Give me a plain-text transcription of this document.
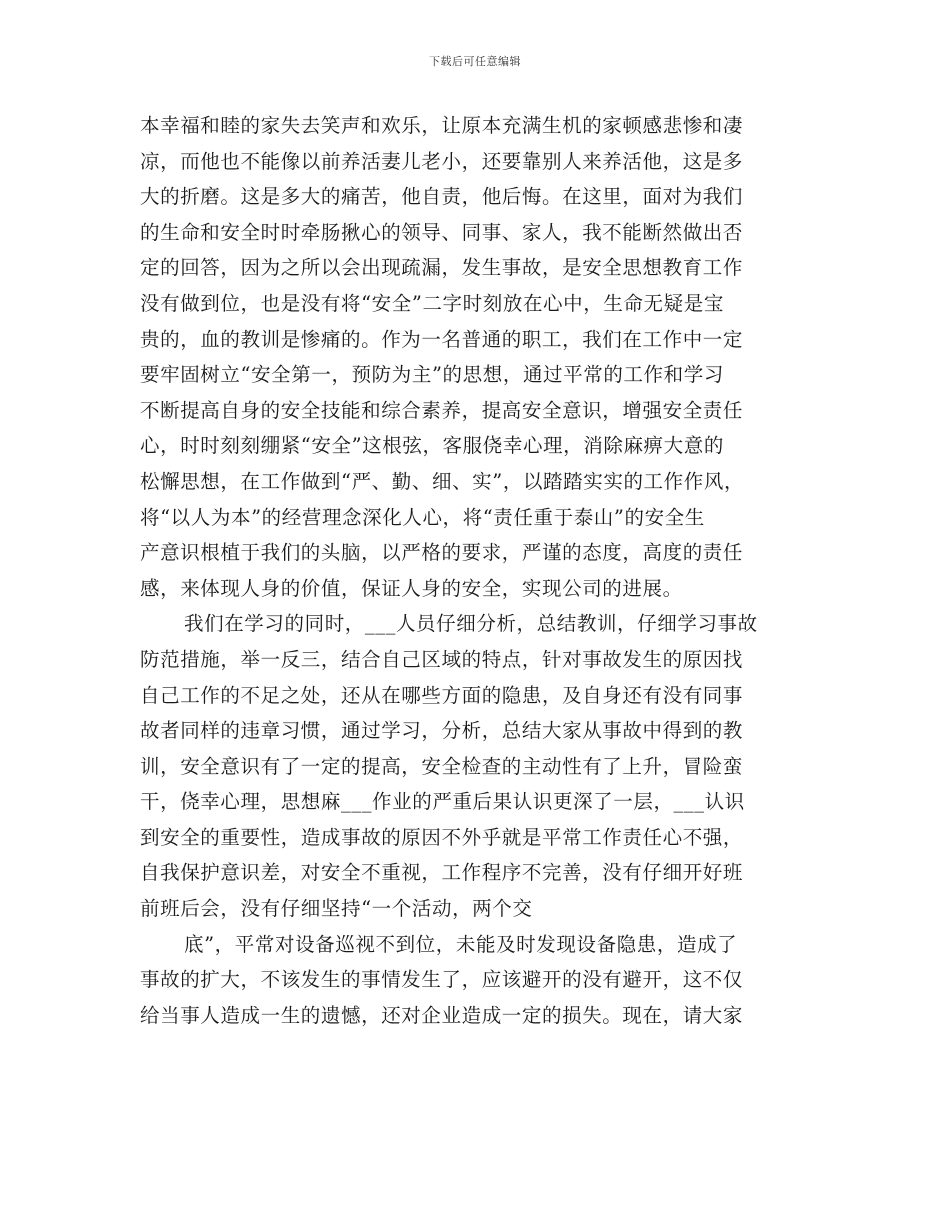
下载后可任意编辑
本幸福和睦的家失去笑声和欢乐，让原本充满生机的家顿感悲惨和凄
凉，而他也不能像以前养活妻儿老小，还要靠别人来养活他，这是多
大的折磨。这是多大的痛苦，他自责，他后悔。在这里，面对为我们
的生命和安全时时牵肠揪心的领导、同事、家人，我不能断然做出否
定的回答，因为之所以会出现疏漏，发生事故，是安全思想教育工作
没有做到位，也是没有将“安全”二字时刻放在心中，生命无疑是宝
贵的，血的教训是惨痛的。作为一名普通的职工，我们在工作中一定
要牢固树立“安全第一，预防为主”的思想，通过平常的工作和学习
不断提高自身的安全技能和综合素养，提高安全意识，增强安全责任
心，时时刻刻绷紧“安全”这根弦，客服侥幸心理，消除麻痹大意的
松懈思想，在工作做到“严、勤、细、实”，以踏踏实实的工作作风，
将“以人为本”的经营理念深化人心，将“责任重于泰山”的安全生
产意识根植于我们的头脑，以严格的要求，严谨的态度，高度的责任
感，来体现人身的价值，保证人身的安全，实现公司的进展。
我们在学习的同时，___人员仔细分析，总结教训，仔细学习事故
防范措施，举一反三，结合自己区域的特点，针对事故发生的原因找
自己工作的不足之处，还从在哪些方面的隐患，及自身还有没有同事
故者同样的违章习惯，通过学习，分析，总结大家从事故中得到的教
训，安全意识有了一定的提高，安全检查的主动性有了上升，冒险蛮
干，侥幸心理，思想麻___作业的严重后果认识更深了一层，___认识
到安全的重要性，造成事故的原因不外乎就是平常工作责任心不强，
自我保护意识差，对安全不重视，工作程序不完善，没有仔细开好班
前班后会，没有仔细坚持“一个活动，两个交
底”，平常对设备巡视不到位，未能及时发现设备隐患，造成了
事故的扩大，不该发生的事情发生了，应该避开的没有避开，这不仅
给当事人造成一生的遗憾，还对企业造成一定的损失。现在，请大家
